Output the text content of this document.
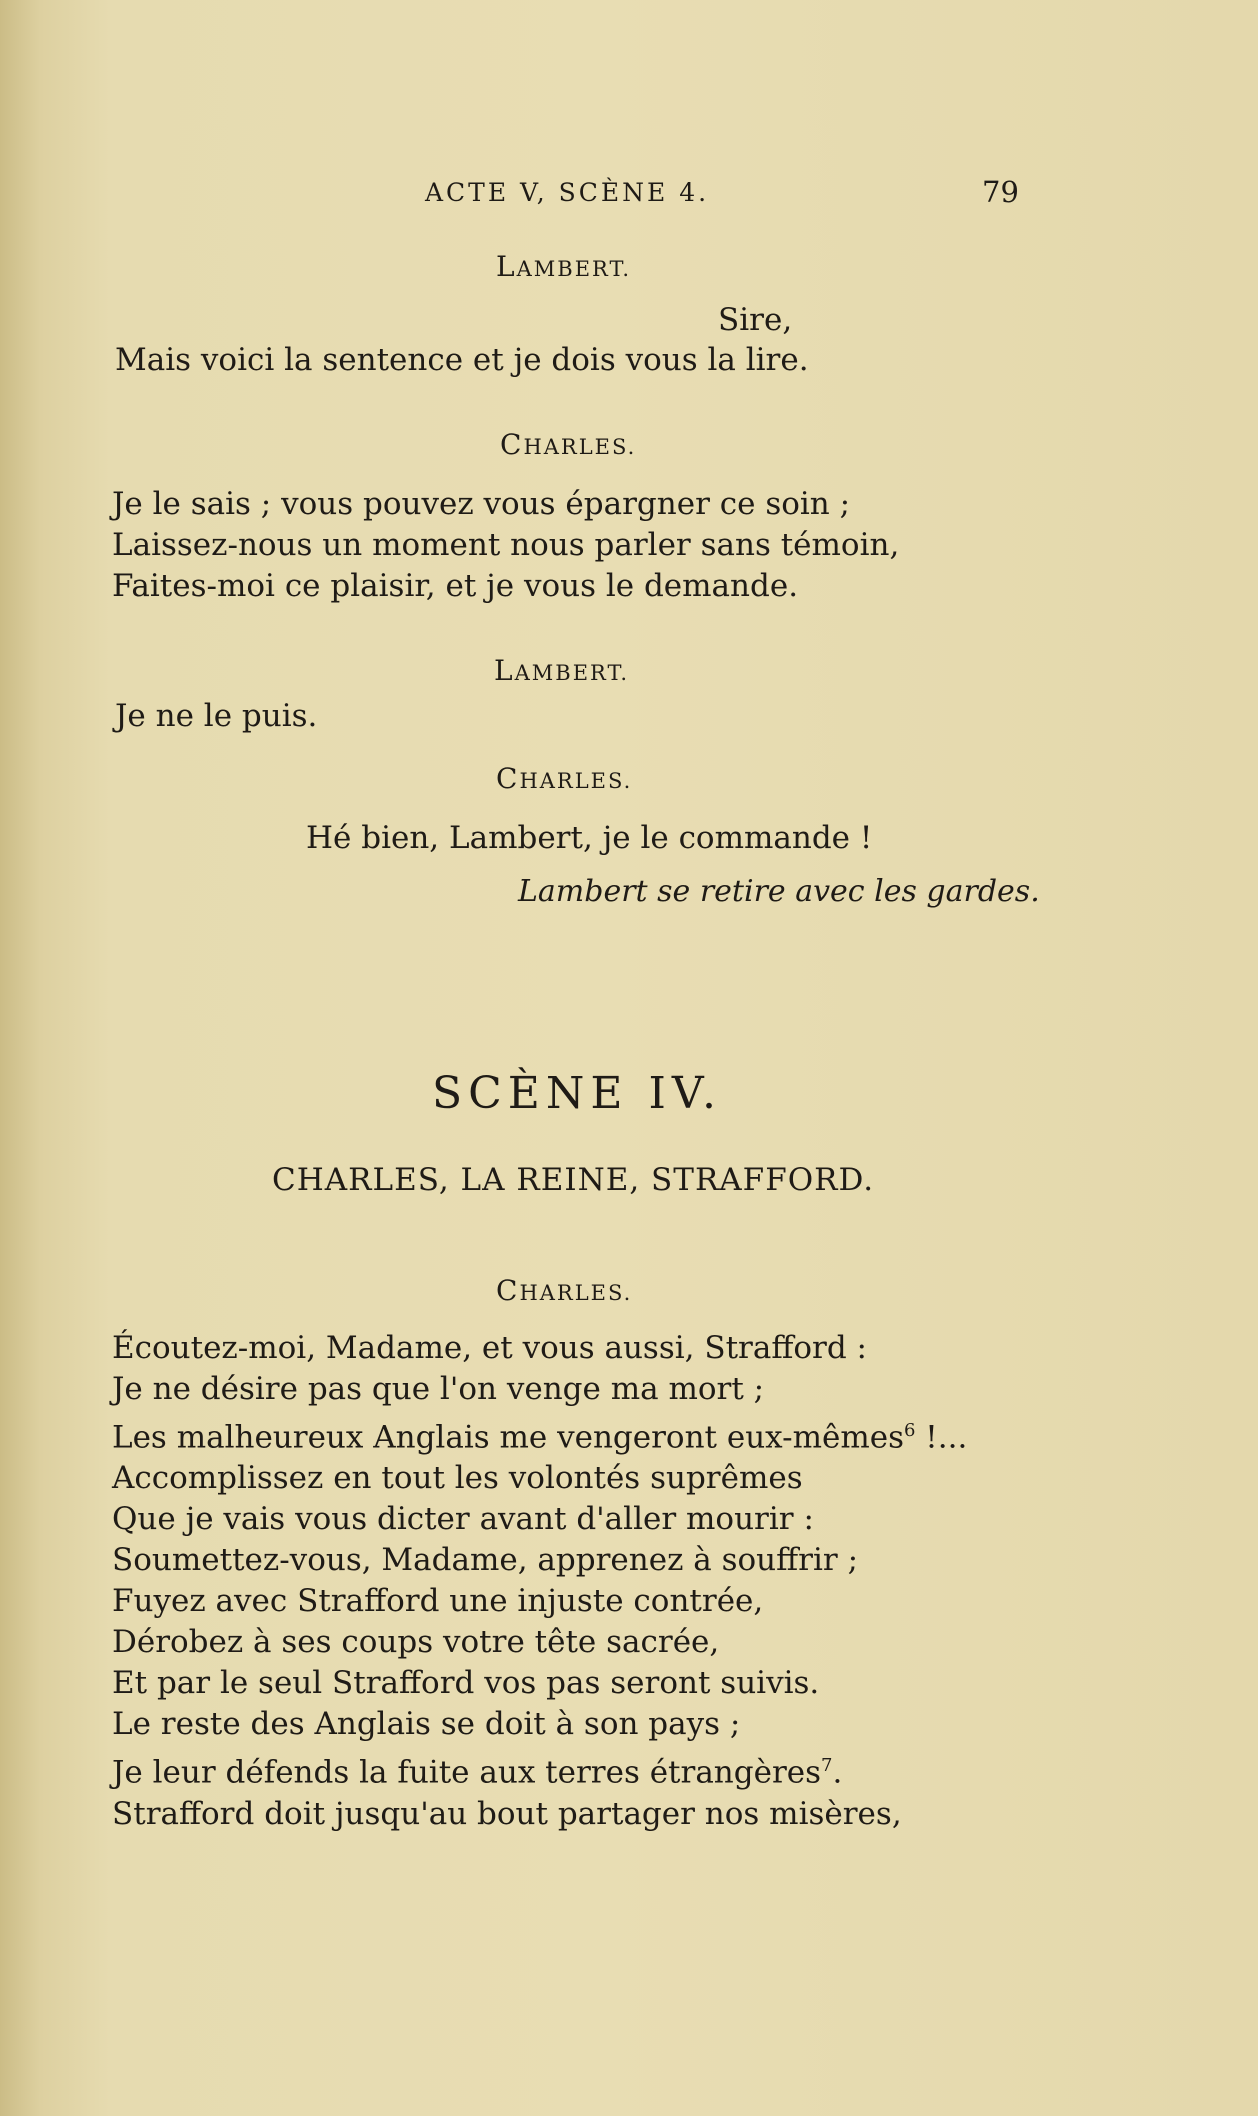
ACTE V, SCÈNE 4.	79
LAMBERT.
Sire,
Mais voici la sentence et je dois vous la lire.
CHARLES.
Je le sais ; vous pouvez vous épargner ce soin ;
Laissez-nous un moment nous parler sans témoin,
Faites-moi ce plaisir, et je vous le demande.
LAMBERT.
Je ne le puis.
CHARLES.
Hé bien, Lambert, je le commande !
Lambert se retire avec les gardes.
SCÈNE IV.
CHARLES, LA REINE, STRAFFORD.
CHARLES.
Écoutez-moi, Madame, et vous aussi, Strafford :
Je ne désire pas que l'on venge ma mort ;
Les malheureux Anglais me vengeront eux-mêmes$^6$ !...
Accomplissez en tout les volontés suprêmes
Que je vais vous dicter avant d'aller mourir :
Soumettez-vous, Madame, apprenez à souffrir ;
Fuyez avec Strafford une injuste contrée,
Dérobez à ses coups votre tête sacrée,
Et par le seul Strafford vos pas seront suivis.
Le reste des Anglais se doit à son pays ;
Je leur défends la fuite aux terres étrangères$^7$.
Strafford doit jusqu'au bout partager nos misères,
